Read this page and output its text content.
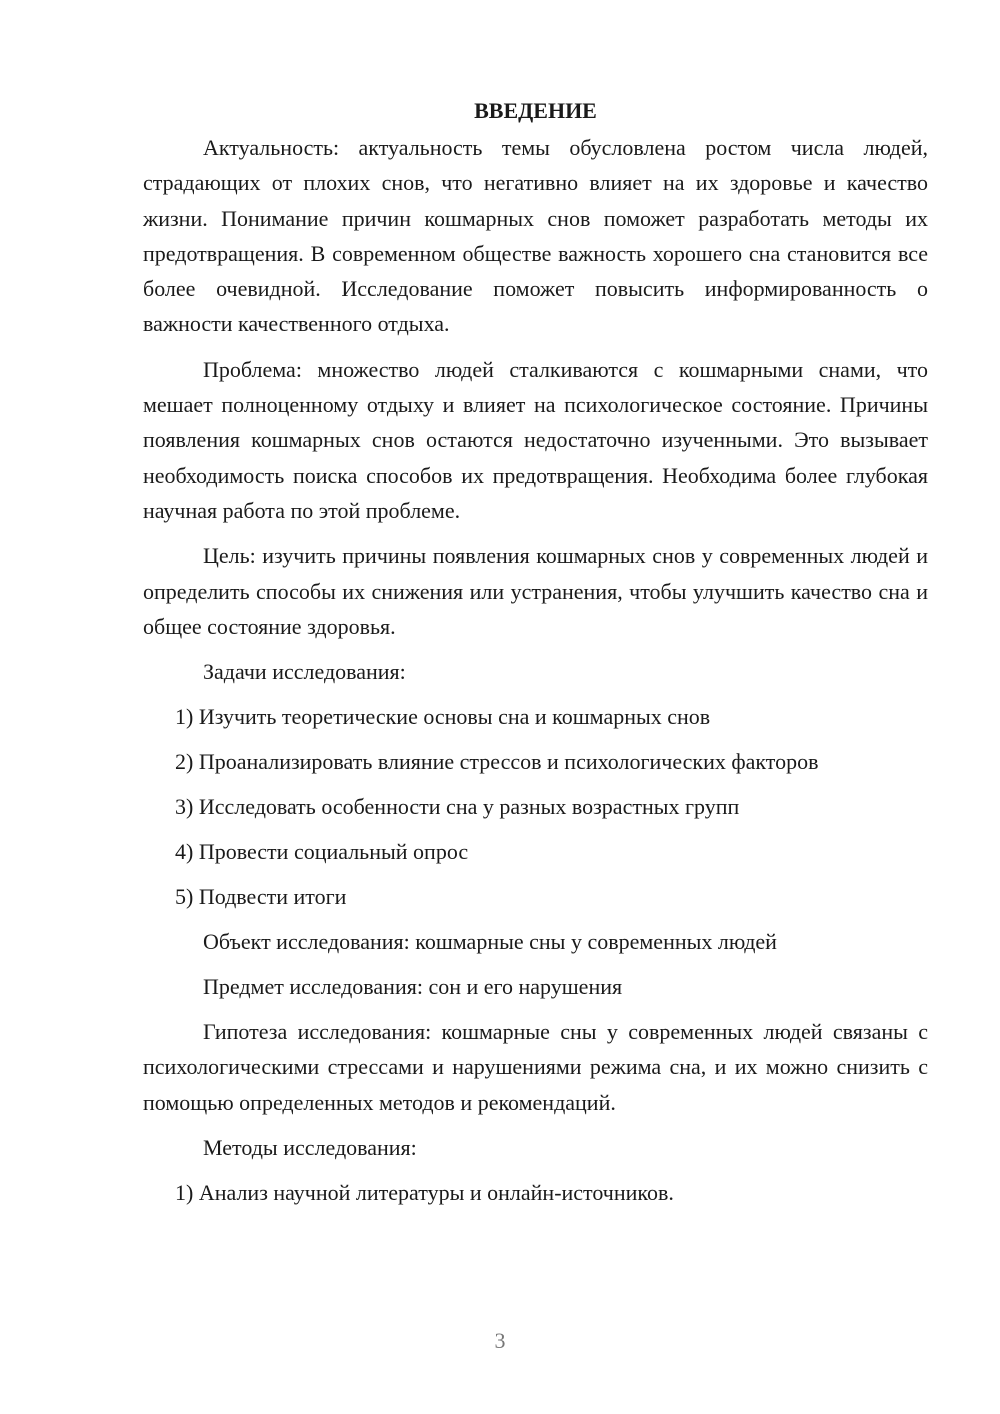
ВВЕДЕНИЕ

Актуальность: актуальность темы обусловлена ростом числа людей, страдающих от плохих снов, что негативно влияет на их здоровье и качество жизни. Понимание причин кошмарных снов поможет разработать методы их предотвращения. В современном обществе важность хорошего сна становится все более очевидной. Исследование поможет повысить информированность о важности качественного отдыха.

Проблема: множество людей сталкиваются с кошмарными снами, что мешает полноценному отдыху и влияет на психологическое состояние. Причины появления кошмарных снов остаются недостаточно изученными. Это вызывает необходимость поиска способов их предотвращения. Необходима более глубокая научная работа по этой проблеме.

Цель: изучить причины появления кошмарных снов у современных людей и определить способы их снижения или устранения, чтобы улучшить качество сна и общее состояние здоровья.

Задачи исследования:
1) Изучить теоретические основы сна и кошмарных снов
2) Проанализировать влияние стрессов и психологических факторов
3) Исследовать особенности сна у разных возрастных групп
4) Провести социальный опрос
5) Подвести итоги
Объект исследования: кошмарные сны у современных людей
Предмет исследования: сон и его нарушения

Гипотеза исследования: кошмарные сны у современных людей связаны с психологическими стрессами и нарушениями режима сна, и их можно снизить с помощью определенных методов и рекомендаций.

Методы исследования:
1) Анализ научной литературы и онлайн-источников.
3
